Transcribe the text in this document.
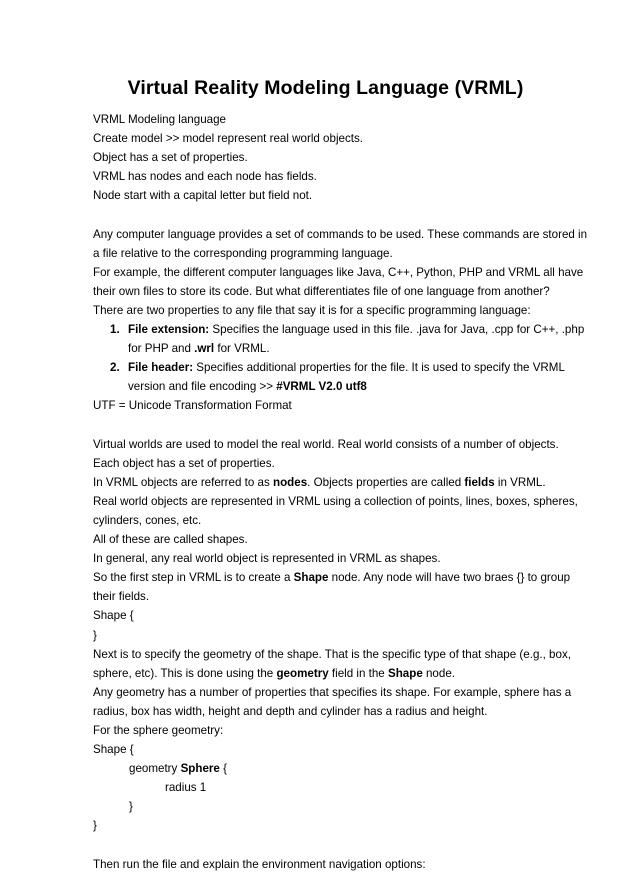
Virtual Reality Modeling Language (VRML)

VRML Modeling language

Create model >> model represent real world objects.

Object has a set of properties.

VRML has nodes and each node has fields.

Node start with a capital letter but field not.

Any computer language provides a set of commands to be used. These commands are stored in

a file relative to the corresponding programming language.

For example, the different computer languages like Java, C++, Python, PHP and VRML all have

their own files to store its code. But what differentiates file of one language from another?

There are two properties to any file that say it is for a specific programming language:

1. File extension: Specifies the language used in this file. .java for Java, .cpp for C++, .php

for PHP and .wrl for VRML.

2. File header: Specifies additional properties for the file. It is used to specify the VRML

version and file encoding >> #VRML V2.0 utf8

UTF = Unicode Transformation Format

Virtual worlds are used to model the real world. Real world consists of a number of objects.

Each object has a set of properties.

In VRML objects are referred to as nodes. Objects properties are called fields in VRML.

Real world objects are represented in VRML using a collection of points, lines, boxes, spheres,

cylinders, cones, etc.

All of these are called shapes.

In general, any real world object is represented in VRML as shapes.

So the first step in VRML is to create a Shape node. Any node will have two braes {} to group

their fields.

Shape {

}

Next is to specify the geometry of the shape. That is the specific type of that shape (e.g., box,

sphere, etc). This is done using the geometry field in the Shape node.

Any geometry has a number of properties that specifies its shape. For example, sphere has a

radius, box has width, height and depth and cylinder has a radius and height.

For the sphere geometry:

Shape {

geometry Sphere {

radius 1

}

}

Then run the file and explain the environment navigation options:
